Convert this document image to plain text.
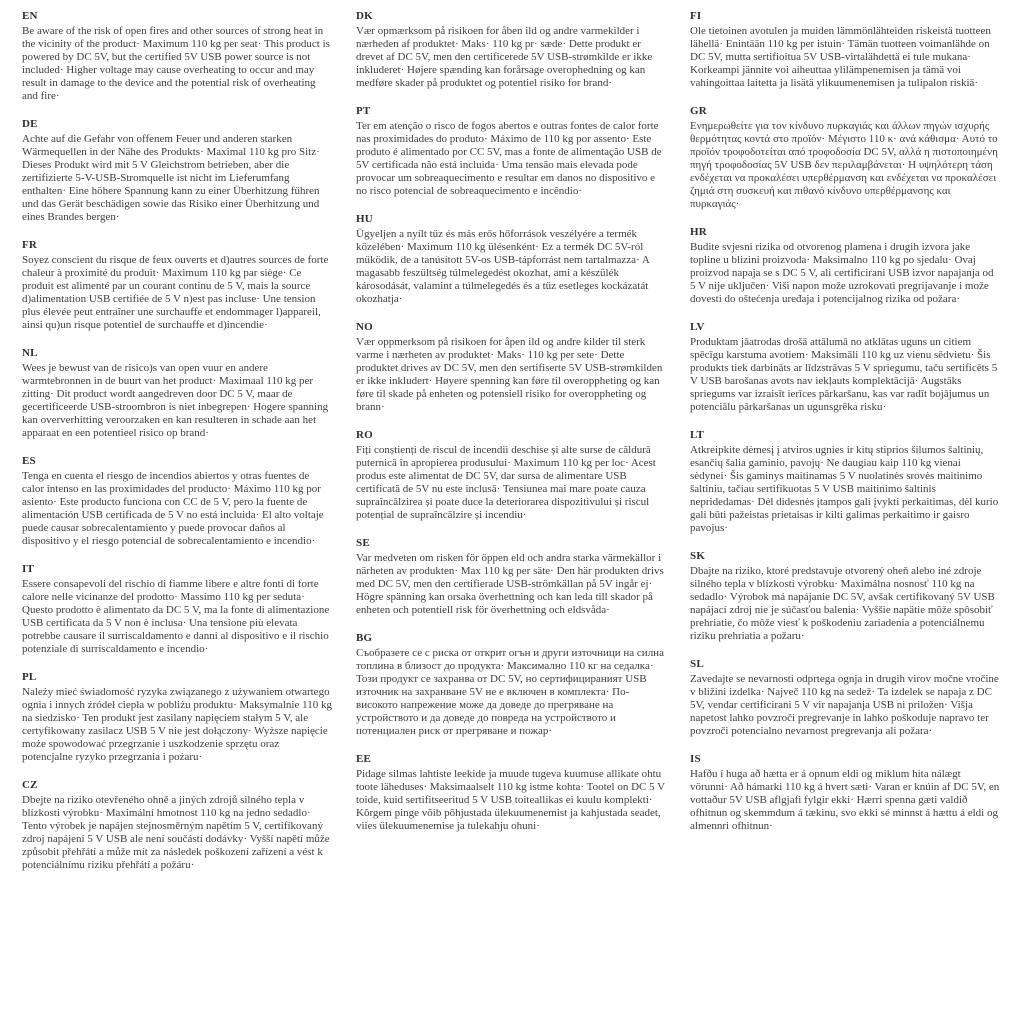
EN

Be aware of the risk of open fires and other sources of strong heat in the vicinity of the product· Maximum 110 kg per seat· This product is powered by DC 5V, but the certified 5V USB power source is not included· Higher voltage may cause overheating to occur and may result in damage to the device and the potential risk of overheating and fire·

DE

Achte auf die Gefahr von offenem Feuer und anderen starken Wärmequellen in der Nähe des Produkts· Maximal 110 kg pro Sitz· Dieses Produkt wird mit 5 V Gleichstrom betrieben, aber die zertifizierte 5-V-USB-Stromquelle ist nicht im Lieferumfang enthalten· Eine höhere Spannung kann zu einer Überhitzung führen und das Gerät beschädigen sowie das Risiko einer Überhitzung und eines Brandes bergen·

FR

Soyez conscient du risque de feux ouverts et d)autres sources de forte chaleur à proximité du produit· Maximum 110 kg par siège· Ce produit est alimenté par un courant continu de 5 V, mais la source d)alimentation USB certifiée de 5 V n)est pas incluse· Une tension plus élevée peut entraîner une surchauffe et endommager l)appareil, ainsi qu)un risque potentiel de surchauffe et d)incendie·

NL

Wees je bewust van de risico)s van open vuur en andere warmtebronnen in de buurt van het product· Maximaal 110 kg per zitting· Dit product wordt aangedreven door DC 5 V, maar de gecertificeerde USB-stroombron is niet inbegrepen· Hogere spanning kan oververhitting veroorzaken en kan resulteren in schade aan het apparaat en een potentieel risico op brand·

ES

Tenga en cuenta el riesgo de incendios abiertos y otras fuentes de calor intenso en las proximidades del producto· Máximo 110 kg por asiento· Este producto funciona con CC de 5 V, pero la fuente de alimentación USB certificada de 5 V no está incluida· El alto voltaje puede causar sobrecalentamiento y puede provocar daños al dispositivo y el riesgo potencial de sobrecalentamiento e incendio·

IT

Essere consapevoli del rischio di fiamme libere e altre fonti di forte calore nelle vicinanze del prodotto· Massimo 110 kg per seduta· Questo prodotto è alimentato da DC 5 V, ma la fonte di alimentazione USB certificata da 5 V non è inclusa· Una tensione più elevata potrebbe causare il surriscaldamento e danni al dispositivo e il rischio potenziale di surriscaldamento e incendio·

PL

Należy mieć świadomość ryzyka związanego z używaniem otwartego ognia i innych źródeł ciepła w pobliżu produktu· Maksymalnie 110 kg na siedzisko· Ten produkt jest zasilany napięciem stałym 5 V, ale certyfikowany zasilacz USB 5 V nie jest dołączony· Wyższe napięcie może spowodować przegrzanie i uszkodzenie sprzętu oraz potencjalne ryzyko przegrzania i pożaru·

CZ

Dbejte na riziko otevřeného ohně a jiných zdrojů silného tepla v blízkosti výrobku· Maximální hmotnost 110 kg na jedno sedadlo· Tento výrobek je napájen stejnosměrným napětím 5 V, certifikovaný zdroj napájení 5 V USB ale není součástí dodávky· Vyšší napětí může způsobit přehřátí a může mít za následek poškození zařízení a vést k potenciálnímu riziku přehřátí a požáru·

DK

Vær opmærksom på risikoen for åben ild og andre varmekilder i nærheden af produktet· Maks· 110 kg pr· sæde· Dette produkt er drevet af DC 5V, men den certificerede 5V USB-strømkilde er ikke inkluderet· Højere spænding kan forårsage overophedning og kan medføre skader på produktet og potentiel risiko for brand·

PT

Ter em atenção o risco de fogos abertos e outras fontes de calor forte nas proximidades do produto· Máximo de 110 kg por assento· Este produto é alimentado por CC 5V, mas a fonte de alimentação USB de 5V certificada não está incluida· Uma tensão mais elevada pode provocar um sobreaquecimento e resultar em danos no dispositivo e no risco potencial de sobreaquecimento e incêndio·

HU

Ügyeljen a nyílt tűz és más erős hőforrások veszélyére a termék közelében· Maximum 110 kg ülésenként· Ez a termék DC 5V-ról működik, de a tanúsított 5V-os USB-tápforrást nem tartalmazza· A magasabb feszültség túlmelegedést okozhat, ami a készülék károsodását, valamint a túlmelegedés és a tűz esetleges kockázatát okozhatja·

NO

Vær oppmerksom på risikoen for åpen ild og andre kilder til sterk varme i nærheten av produktet· Maks· 110 kg per sete· Dette produktet drives av DC 5V, men den sertifiserte 5V USB-strømkilden er ikke inkludert· Høyere spenning kan føre til overoppheting og kan føre til skade på enheten og potensiell risiko for overoppheting og brann·

RO

Fiți conștienți de riscul de incendii deschise și alte surse de căldură puternică în apropierea produsului· Maximum 110 kg per loc· Acest produs este alimentat de DC 5V, dar sursa de alimentare USB certificată de 5V nu este inclusă· Tensiunea mai mare poate cauza supraîncălzirea și poate duce la deteriorarea dispozitivului și riscul potențial de supraîncălzire și incendiu·

SE

Var medveten om risken för öppen eld och andra starka värmekällor i närheten av produkten· Max 110 kg per säte· Den här produkten drivs med DC 5V, men den certifierade USB-strömkällan på 5V ingår ej· Högre spänning kan orsaka överhettning och kan leda till skador på enheten och potentiell risk för överhettning och eldsvåda·

BG

Съобразете се с риска от открит огън и други източници на силна топлина в близост до продукта· Максимално 110 кг на седалка· Този продукт се захранва от DC 5V, но сертифицираният USB източник на захранване 5V не е включен в комплекта· По-високото напрежение може да доведе до прегряване на устройството и да доведе до повреда на устройството и потенциален риск от прегряване и пожар·

EE

Pidage silmas lahtiste leekide ja muude tugeva kuumuse allikate ohtu toote läheduses· Maksimaalselt 110 kg istme kohta· Tootel on DC 5 V toide, kuid sertifitseeritud 5 V USB toiteallikas ei kuulu komplekti· Kõrgem pinge võib põhjustada ülekuumenemist ja kahjustada seadet, viies ülekuumenemise ja tulekahju ohuni·

FI

Ole tietoinen avotulen ja muiden lämmönlähteiden riskeistä tuotteen lähellä· Enintään 110 kg per istuin· Tämän tuotteen voimanlähde on DC 5V, mutta sertifioitua 5V USB-virtalähdettä ei tule mukana· Korkeampi jännite voi aiheuttaa ylilämpenemisen ja tämä voi vahingoittaa laitetta ja lisätä ylikuumenemisen ja tulipalon riskiä·

GR

Ενημερωθείτε για τον κίνδυνο πυρκαγιάς και άλλων πηγών ισχυρής θερμότητας κοντά στο προϊόν· Μέγιστο 110 κ· ανά κάθισμα· Αυτό το προϊόν τροφοδοτείται από τροφοδοσία DC 5V, αλλά η πιστοποιημένη πηγή τροφοδοσίας 5V USB δεν περιλαμβάνεται· Η υψηλότερη τάση ενδέχεται να προκαλέσει υπερθέρμανση και ενδέχεται να προκαλέσει ζημιά στη συσκευή και πιθανό κίνδυνο υπερθέρμανσης και πυρκαγιάς·

HR

Budite svjesni rizika od otvorenog plamena i drugih izvora jake topline u blizini proizvoda· Maksimalno 110 kg po sjedalu· Ovaj proizvod napaja se s DC 5 V, ali certificirani USB izvor napajanja od 5 V nije uključen· Viši napon može uzrokovati pregrijavanje i može dovesti do oštećenja uređaja i potencijalnog rizika od požara·

LV

Produktam jāatrodas drošā attālumā no atklātas uguns un citiem spēcīgu karstuma avotiem· Maksimāli 110 kg uz vienu sēdvietu· Šis produkts tiek darbināts ar līdzstrāvas 5 V spriegumu, taču sertificēts 5 V USB barošanas avots nav iekļauts komplektācijā· Augstāks spriegums var izraisīt ierīces pārkaršanu, kas var radīt bojājumus un potenciālu pārkaršanas un ugunsgrēka risku·

LT

Atkreipkite dėmesį į atviros ugnies ir kitų stiprios šilumos šaltinių, esančių šalia gaminio, pavojų· Ne daugiau kaip 110 kg vienai sėdynei· Šis gaminys maitinamas 5 V nuolatinės srovės maitinimo šaltiniu, tačiau sertifikuotas 5 V USB maitinimo šaltinis nepridedamas· Dėl didesnės įtampos gali įvykti perkaitimas, dėl kurio gali būti pažeistas prietaisas ir kilti galimas perkaitimo ir gaisro pavojus·

SK

Dbajte na riziko, ktoré predstavuje otvorený oheň alebo iné zdroje silného tepla v blízkosti výrobku· Maximálna nosnosť 110 kg na sedadlo· Výrobok má napájanie DC 5V, avšak certifikovaný 5V USB napájací zdroj nie je súčasťou balenia· Vyššie napätie môže spôsobiť prehriatie, čo môže viesť k poškodeniu zariadenia a potenciálnemu riziku prehriatia a požaru·

SL

Zavedajte se nevarnosti odprtega ognja in drugih virov močne vročine v bližini izdelka· Največ 110 kg na sedež· Ta izdelek se napaja z DC 5V, vendar certificirani 5 V vir napajanja USB ni priložen· Višja napetost lahko povzroči pregrevanje in lahko poškoduje napravo ter povzroči potencialno nevarnost pregrevanja ali požara·

IS

Hafðu í huga að hætta er á opnum eldi og miklum hita nálægt vörunni· Að hámarki 110 kg á hvert sæti· Varan er knúin af DC 5V, en vottaður 5V USB aflgjafi fylgir ekki· Hærri spenna gæti valdið ofhitnun og skemmdum á tækinu, svo ekki sé minnst á hættu á eldi og almennri ofhitnun·
